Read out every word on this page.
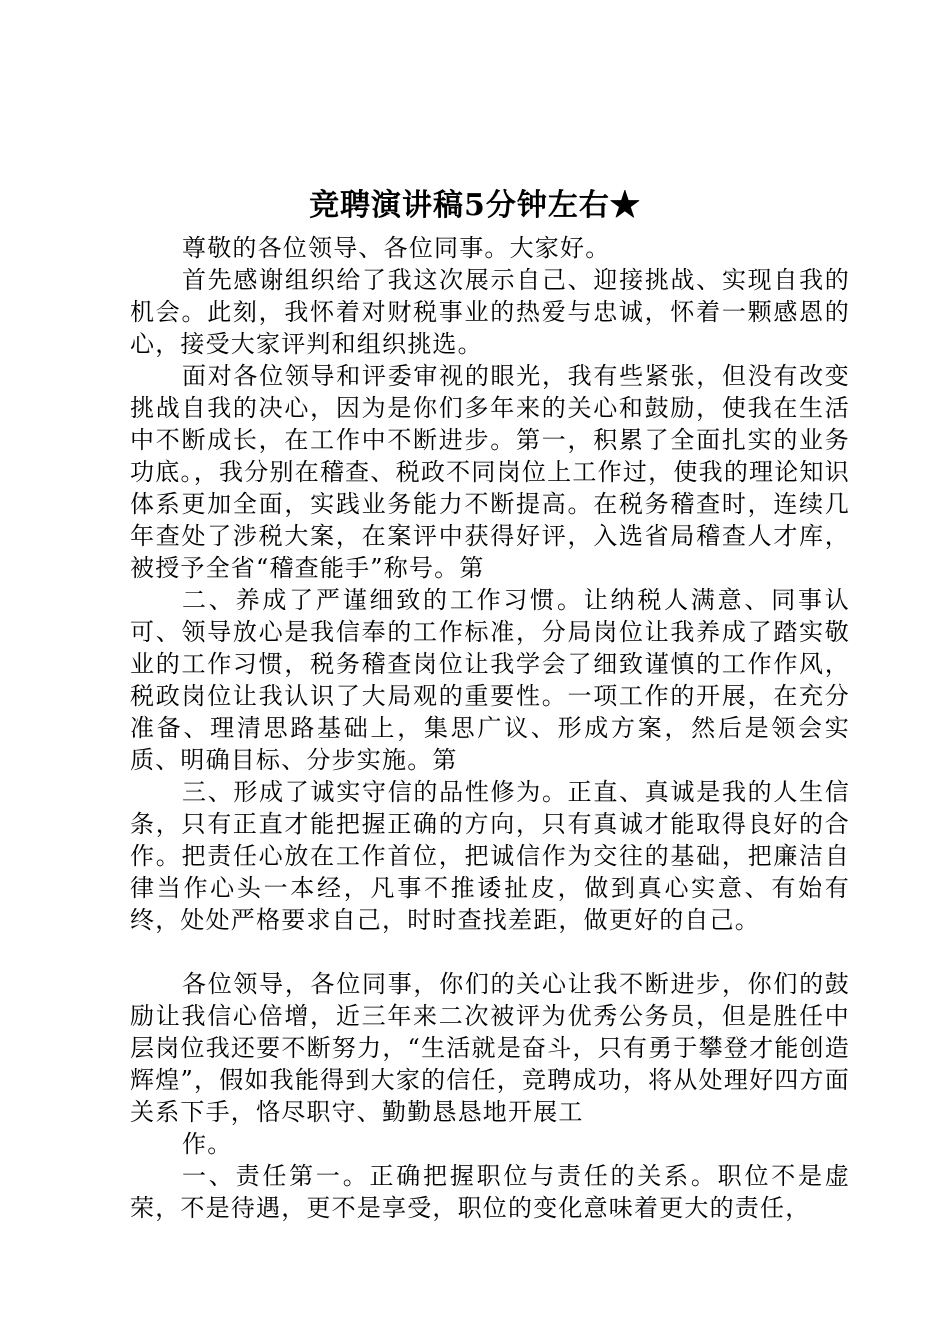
竞聘演讲稿5分钟左右★

尊敬的各位领导、各位同事。大家好。

首先感谢组织给了我这次展示自己、迎接挑战、实现自我的机会。此刻，我怀着对财税事业的热爱与忠诚，怀着一颗感恩的心，接受大家评判和组织挑选。

面对各位领导和评委审视的眼光，我有些紧张，但没有改变挑战自我的决心，因为是你们多年来的关心和鼓励，使我在生活中不断成长，在工作中不断进步。第一，积累了全面扎实的业务功底。，我分别在稽查、税政不同岗位上工作过，使我的理论知识体系更加全面，实践业务能力不断提高。在税务稽查时，连续几年查处了涉税大案，在案评中获得好评，入选省局稽查人才库，被授予全省“稽查能手”称号。第

二、养成了严谨细致的工作习惯。让纳税人满意、同事认可、领导放心是我信奉的工作标准，分局岗位让我养成了踏实敬业的工作习惯，税务稽查岗位让我学会了细致谨慎的工作作风，税政岗位让我认识了大局观的重要性。一项工作的开展，在充分准备、理清思路基础上，集思广议、形成方案，然后是领会实质、明确目标、分步实施。第

三、形成了诚实守信的品性修为。正直、真诚是我的人生信条，只有正直才能把握正确的方向，只有真诚才能取得良好的合作。把责任心放在工作首位，把诚信作为交往的基础，把廉洁自律当作心头一本经，凡事不推诿扯皮，做到真心实意、有始有终，处处严格要求自己，时时查找差距，做更好的自己。

各位领导，各位同事，你们的关心让我不断进步，你们的鼓励让我信心倍增，近三年来二次被评为优秀公务员，但是胜任中层岗位我还要不断努力，“生活就是奋斗，只有勇于攀登才能创造辉煌”，假如我能得到大家的信任，竞聘成功，将从处理好四方面关系下手，恪尽职守、勤勤恳恳地开展工

作。

一、责任第一。正确把握职位与责任的关系。职位不是虚荣，不是待遇，更不是享受，职位的变化意味着更大的责任，
